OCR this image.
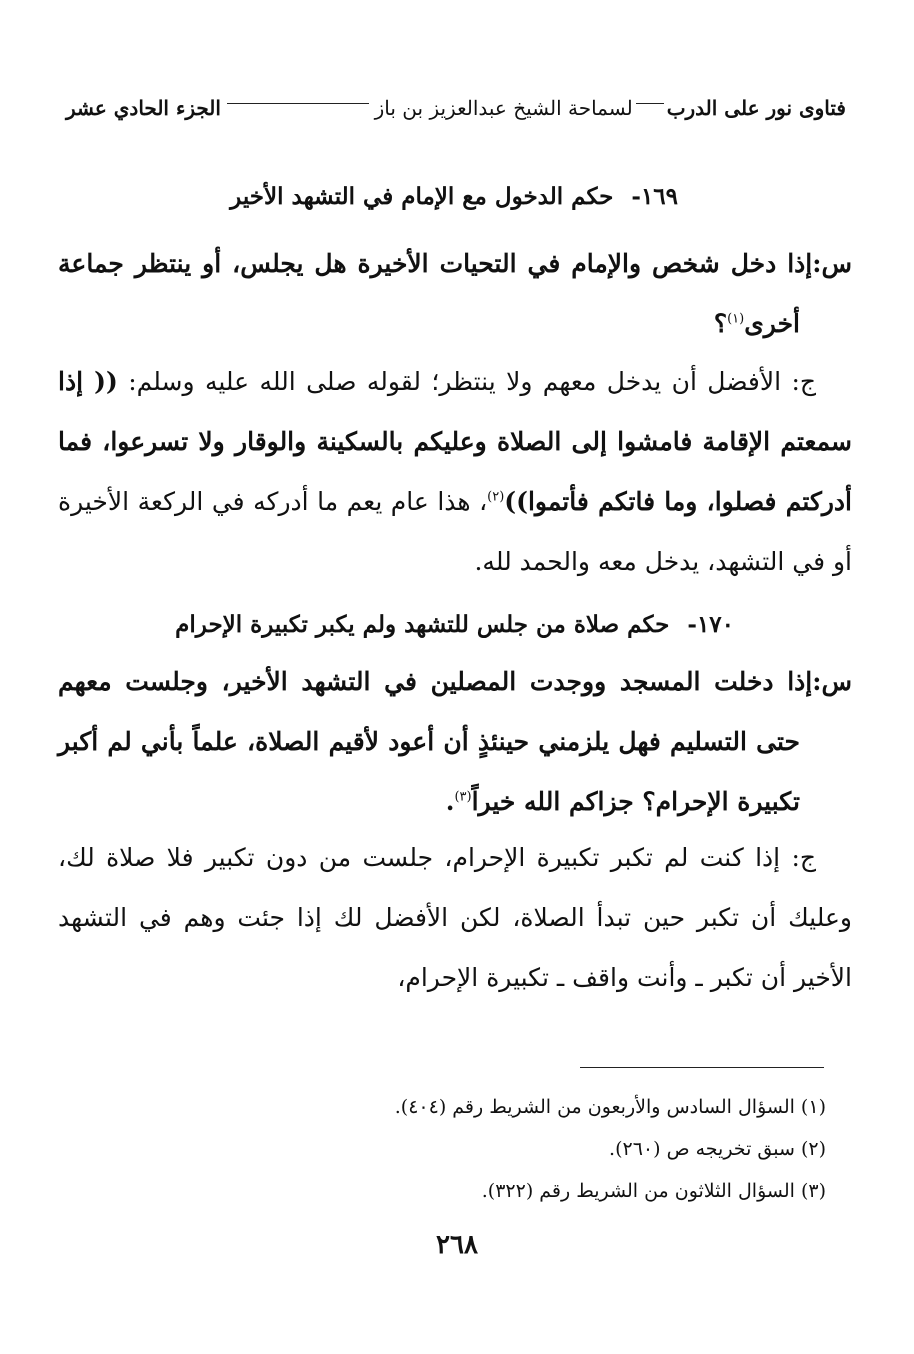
فتاوى نور على الدرب
لسماحة الشيخ عبدالعزيز بن باز
الجزء الحادي عشر
١٦٩-
حكم الدخول مع الإمام في التشهد الأخير
س:إذا دخل شخص والإمام في التحيات الأخيرة هل يجلس، أو ينتظر جماعة أخرى$^{(١)}$؟
ج: الأفضل أن يدخل معهم ولا ينتظر؛ لقوله صلى الله عليه وسلم: (( إذا سمعتم الإقامة فامشوا إلى الصلاة وعليكم بالسكينة والوقار ولا تسرعوا، فما أدركتم فصلوا، وما فاتكم فأتموا))$^{(٢)}$، هذا عام يعم ما أدركه في الركعة الأخيرة أو في التشهد، يدخل معه والحمد لله.
١٧٠-
حكم صلاة من جلس للتشهد ولم يكبر تكبيرة الإحرام
س:إذا دخلت المسجد ووجدت المصلين في التشهد الأخير، وجلست معهم حتى التسليم فهل يلزمني حينئذٍ أن أعود لأقيم الصلاة، علماً بأني لم أكبر تكبيرة الإحرام؟ جزاكم الله خيراً$^{(٣)}$.
ج: إذا كنت لم تكبر تكبيرة الإحرام، جلست من دون تكبير فلا صلاة لك، وعليك أن تكبر حين تبدأ الصلاة، لكن الأفضل لك إذا جئت وهم في التشهد الأخير أن تكبر ـ وأنت واقف ـ تكبيرة الإحرام،
(١) السؤال السادس والأربعون من الشريط رقم (٤٠٤).
(٢) سبق تخريجه ص (٢٦٠).
(٣) السؤال الثلاثون من الشريط رقم (٣٢٢).
٢٦٨
